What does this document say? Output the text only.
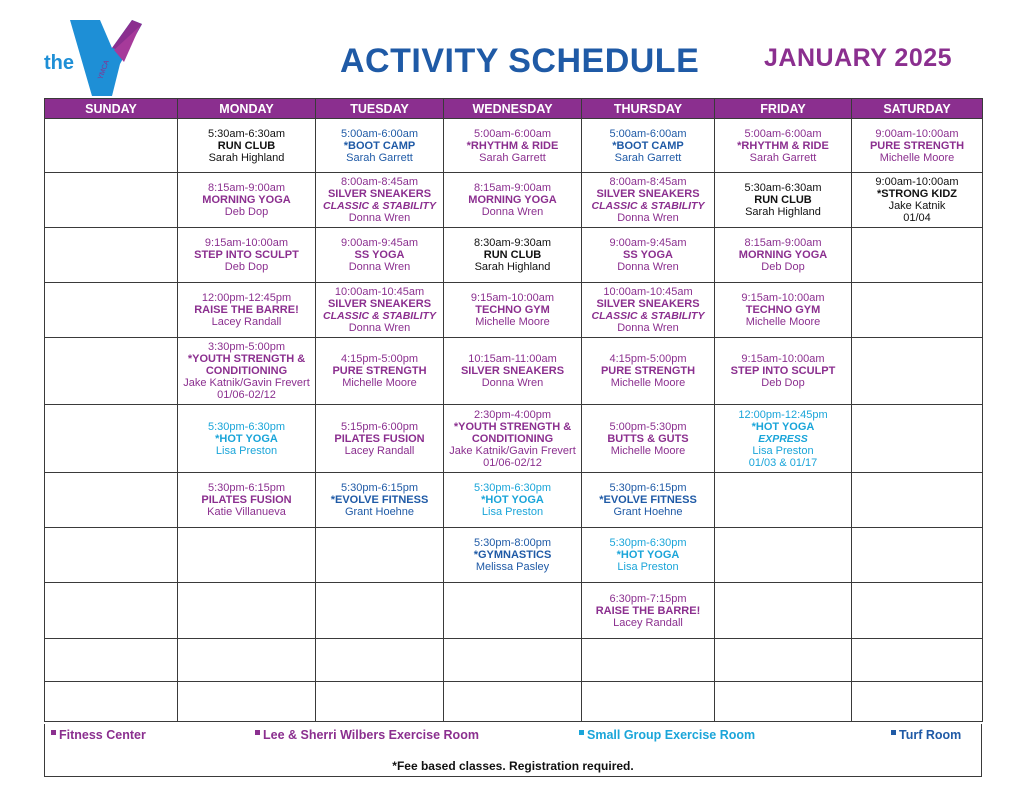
the	YMCA	ACTIVITY SCHEDULE	JANUARY 2025
SUNDAY	MONDAY	TUESDAY	WEDNESDAY	THURSDAY	FRIDAY	SATURDAY

	5:30am-6:30am
RUN CLUB
Sarah Highland	5:00am-6:00am
*BOOT CAMP
Sarah Garrett	5:00am-6:00am
*RHYTHM & RIDE
Sarah Garrett	5:00am-6:00am
*BOOT CAMP
Sarah Garrett	5:00am-6:00am
*RHYTHM & RIDE
Sarah Garrett	9:00am-10:00am
PURE STRENGTH
Michelle Moore

	8:15am-9:00am
MORNING YOGA
Deb Dop	8:00am-8:45am
SILVER SNEAKERS
CLASSIC & STABILITY
Donna Wren	8:15am-9:00am
MORNING YOGA
Donna Wren	8:00am-8:45am
SILVER SNEAKERS
CLASSIC & STABILITY
Donna Wren	5:30am-6:30am
RUN CLUB
Sarah Highland	9:00am-10:00am
*STRONG KIDZ
Jake Katnik
01/04

	9:15am-10:00am
STEP INTO SCULPT
Deb Dop	9:00am-9:45am
SS YOGA
Donna Wren	8:30am-9:30am
RUN CLUB
Sarah Highland	9:00am-9:45am
SS YOGA
Donna Wren	8:15am-9:00am
MORNING YOGA
Deb Dop	

	12:00pm-12:45pm
RAISE THE BARRE!
Lacey Randall	10:00am-10:45am
SILVER SNEAKERS
CLASSIC & STABILITY
Donna Wren	9:15am-10:00am
TECHNO GYM
Michelle Moore	10:00am-10:45am
SILVER SNEAKERS
CLASSIC & STABILITY
Donna Wren	9:15am-10:00am
TECHNO GYM
Michelle Moore	

	3:30pm-5:00pm
*YOUTH STRENGTH &
CONDITIONING
Jake Katnik/Gavin Frevert
01/06-02/12	4:15pm-5:00pm
PURE STRENGTH
Michelle Moore	10:15am-11:00am
SILVER SNEAKERS
Donna Wren	4:15pm-5:00pm
PURE STRENGTH
Michelle Moore	9:15am-10:00am
STEP INTO SCULPT
Deb Dop	

	5:30pm-6:30pm
*HOT YOGA
Lisa Preston	5:15pm-6:00pm
PILATES FUSION
Lacey Randall	2:30pm-4:00pm
*YOUTH STRENGTH &
CONDITIONING
Jake Katnik/Gavin Frevert
01/06-02/12	5:00pm-5:30pm
BUTTS & GUTS
Michelle Moore	12:00pm-12:45pm
*HOT YOGA
EXPRESS
Lisa Preston
01/03 & 01/17	

	5:30pm-6:15pm
PILATES FUSION
Katie Villanueva	5:30pm-6:15pm
*EVOLVE FITNESS
Grant Hoehne	5:30pm-6:30pm
*HOT YOGA
Lisa Preston	5:30pm-6:15pm
*EVOLVE FITNESS
Grant Hoehne		

			5:30pm-8:00pm
*GYMNASTICS
Melissa Pasley	5:30pm-6:30pm
*HOT YOGA
Lisa Preston		

				6:30pm-7:15pm
RAISE THE BARRE!
Lacey Randall		

Fitness Center	Lee & Sherri Wilbers Exercise Room	Small Group Exercise Room	Turf Room
*Fee based classes. Registration required.
